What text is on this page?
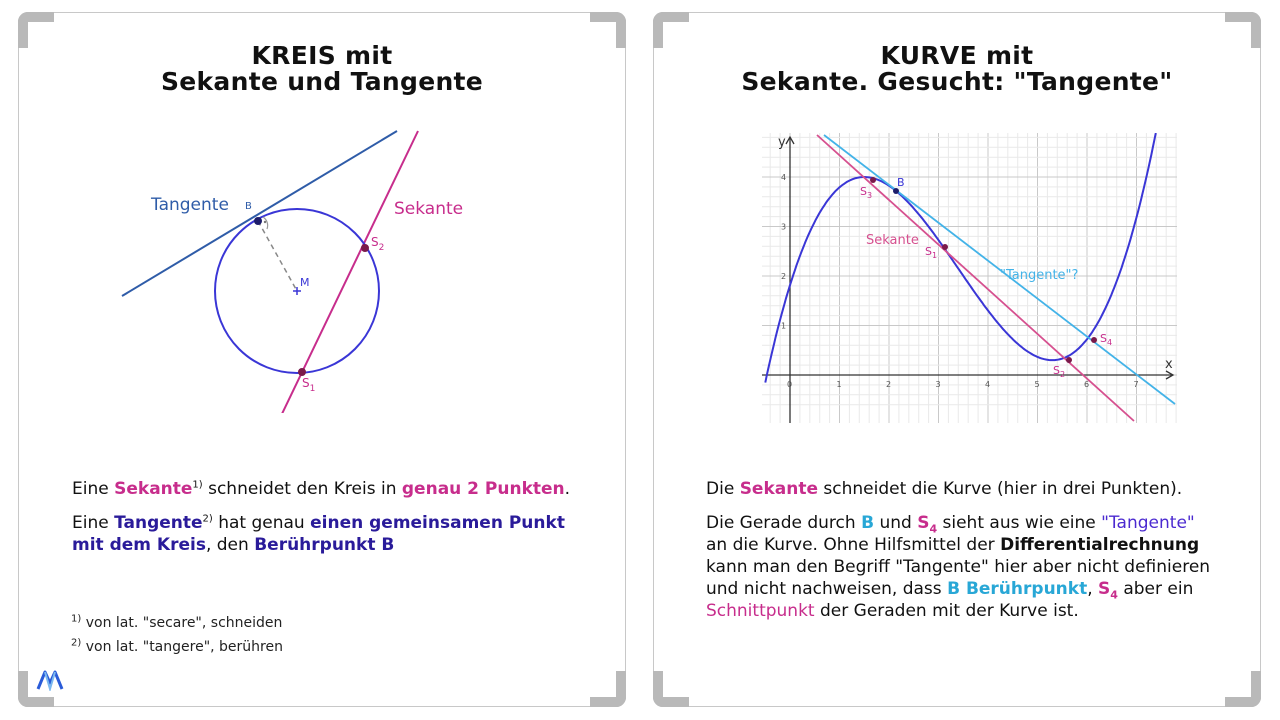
KREIS mit
Sekante und Tangente
M
B
$S_2$
$S_1$
Tangente	Sekante

Eine Sekante$^{1)}$ schneidet den Kreis in genau 2 Punkten.

Eine Tangente$^{2)}$ hat genau einen gemeinsamen Punkt mit dem Kreis, den Berührpunkt B

$^{1)}$ von lat. "secare", schneiden
$^{2)}$ von lat. "tangere", berühren
KURVE mit
Sekante. Gesucht: "Tangente"
x
y
0	1	2	3	4	5	6	7
1
2
3
4
$S_3$
B
$S_1$
$S_2$
$S_4$
Sekante
"Tangente"?

Die Sekante schneidet die Kurve (hier in drei Punkten).

Die Gerade durch B und $S_4$ sieht aus wie eine "Tangente" an die Kurve. Ohne Hilfsmittel der Differentialrechnung kann man den Begriff "Tangente" hier aber nicht definieren und nicht nachweisen, dass B Berührpunkt, $S_4$ aber ein Schnittpunkt der Geraden mit der Kurve ist.
